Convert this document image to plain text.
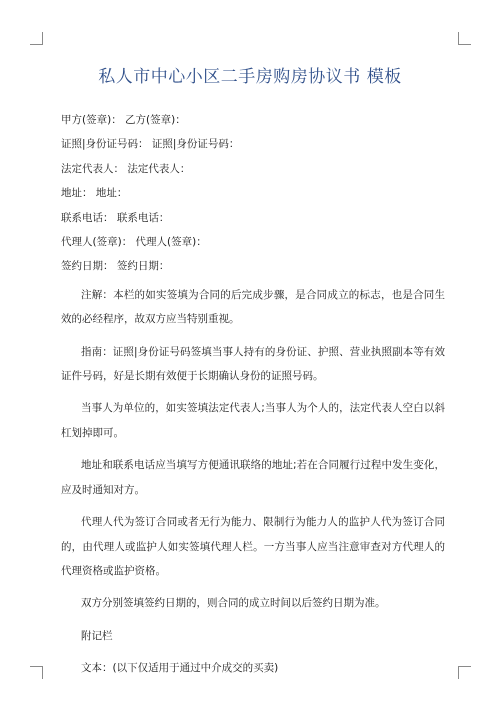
私人市中心小区二手房购房协议书 模板
甲方(签章)： 乙方(签章)：
证照|身份证号码： 证照|身份证号码：
法定代表人： 法定代表人：
地址： 地址：
联系电话： 联系电话：
代理人(签章)： 代理人(签章)：
签约日期： 签约日期：
注解：本栏的如实签填为合同的后完成步骤，是合同成立的标志，也是合同生效的必经程序，故双方应当特别重视。
指南：证照|身份证号码签填当事人持有的身份证、护照、营业执照副本等有效证件号码，好是长期有效便于长期确认身份的证照号码。
当事人为单位的，如实签填法定代表人;当事人为个人的，法定代表人空白以斜杠划掉即可。
地址和联系电话应当填写方便通讯联络的地址;若在合同履行过程中发生变化，应及时通知对方。
代理人代为签订合同或者无行为能力、限制行为能力人的监护人代为签订合同的，由代理人或监护人如实签填代理人栏。一方当事人应当注意审查对方代理人的代理资格或监护资格。
双方分别签填签约日期的，则合同的成立时间以后签约日期为准。
附记栏
文本：(以下仅适用于通过中介成交的买卖)
